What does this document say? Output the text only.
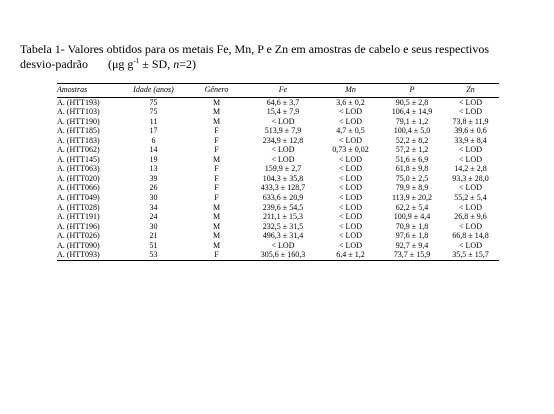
Tabela 1- Valores obtidos para os metais Fe, Mn, P e Zn em amostras de cabelo e seus respectivos
desvio-padrão (μg $g^{-1}$ ± SD, n=2)
Amostras	Idade (anos)	Gênero	Fe	Mn	P	Zn
A. (HTT193)	75	M	64,6 ± 3,7	3,6 ± 0,2	90,5 ± 2,8	< LOD
A. (HTT103)	75	M	15,4 ± 7,9	< LOD	106,4 ± 14,9	< LOD
A. (HTT190)	11	M	< LOD	< LOD	79,1 ± 1,2	73,8 ± 11,9
A. (HTT185)	17	F	513,9 ± 7,9	4,7 ± 0,5	100,4 ± 5,0	39,6 ± 0,6
A. (HTT183)	6	F	234,9 ± 12,8	< LOD	52,2 ± 8,2	33,9 ± 8,4
A. (HTT062)	14	F	< LOD	0,73 ± 0,02	57,2 ± 1,2	< LOD
A. (HTT145)	19	M	< LOD	< LOD	51,6 ± 6,9	< LOD
A. (HTT063)	13	F	159,9 ± 2,7	< LOD	61,8 ± 9,8	14,2 ± 2,8
A. (HTT020)	39	F	104,3 ± 35,8	< LOD	75,0 ± 2,5	93,3 ± 28,0
A. (HTT066)	26	F	433,3 ± 128,7	< LOD	79,9 ± 8,9	< LOD
A. (HTT049)	30	F	633,6 ± 20,9	< LOD	113,9 ± 20,2	55,2 ± 5,4
A. (HTT028)	34	M	239,6 ± 54,5	< LOD	62,2 ± 5,4	< LOD
A. (HTT191)	24	M	211,1 ± 15,3	< LOD	100,9 ± 4,4	26,8 ± 9,6
A. (HTT196)	30	M	232,5 ± 31,5	< LOD	70,9 ± 1,8	< LOD
A. (HTT026)	21	M	496,3 ± 31,4	< LOD	97,6 ± 1,8	66,8 ± 14,8
A. (HTT090)	51	M	< LOD	< LOD	92,7 ± 9,4	< LOD
A. (HTT093)	53	F	305,6 ± 160,3	6,4 ± 1,2	73,7 ± 15,9	35,5 ± 15,7
